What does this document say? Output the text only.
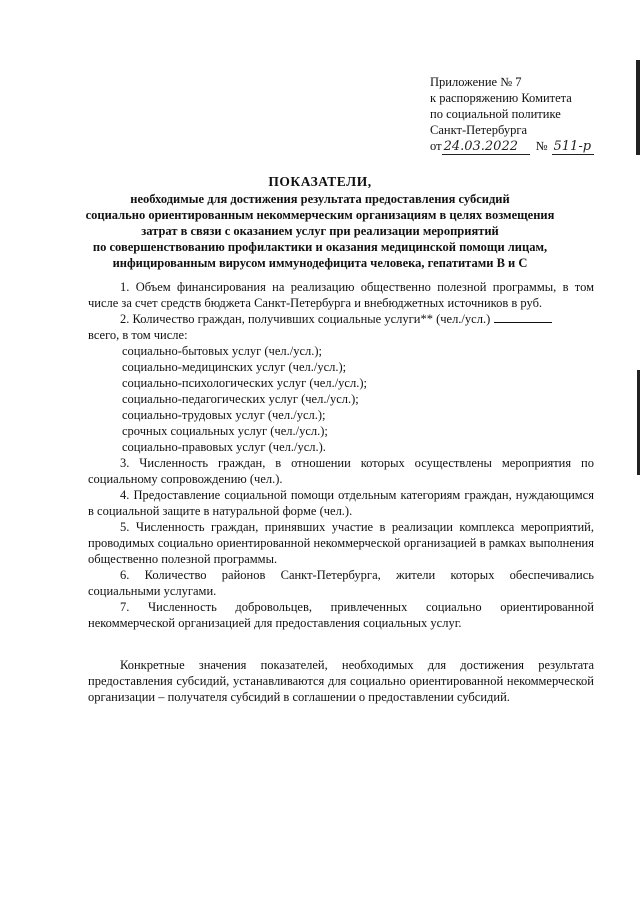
Приложение № 7
к распоряжению Комитета
по социальной политике
Санкт-Петербурга
от 24.03.2022	№ 511-р
ПОКАЗАТЕЛИ,
необходимые для достижения результата предоставления субсидий
социально ориентированным некоммерческим организациям в целях возмещения
затрат в связи с оказанием услуг при реализации мероприятий
по совершенствованию профилактики и оказания медицинской помощи лицам,
инфицированным вирусом иммунодефицита человека, гепатитами В и С

1. Объем финансирования на реализацию общественно полезной программы, в том числе за счет средств бюджета Санкт-Петербурга и внебюджетных источников в руб.

2. Количество граждан, получивших социальные услуги** (чел./усл.)

всего, в том числе:
социально-бытовых услуг (чел./усл.);
социально-медицинских услуг (чел./усл.);
социально-психологических услуг (чел./усл.);
социально-педагогических услуг (чел./усл.);
социально-трудовых услуг (чел./усл.);
срочных социальных услуг (чел./усл.);
социально-правовых услуг (чел./усл.).

3. Численность граждан, в отношении которых осуществлены мероприятия по социальному сопровождению (чел.).

4. Предоставление социальной помощи отдельным категориям граждан, нуждающимся в социальной защите в натуральной форме (чел.).

5. Численность граждан, принявших участие в реализации комплекса мероприятий, проводимых социально ориентированной некоммерческой организацией в рамках выполнения общественно полезной программы.

6. Количество районов Санкт-Петербурга, жители которых обеспечивались социальными услугами.

7. Численность добровольцев, привлеченных социально ориентированной некоммерческой организацией для предоставления социальных услуг.

Конкретные значения показателей, необходимых для достижения результата предоставления субсидий, устанавливаются для социально ориентированной некоммерческой организации – получателя субсидий в соглашении о предоставлении субсидий.
